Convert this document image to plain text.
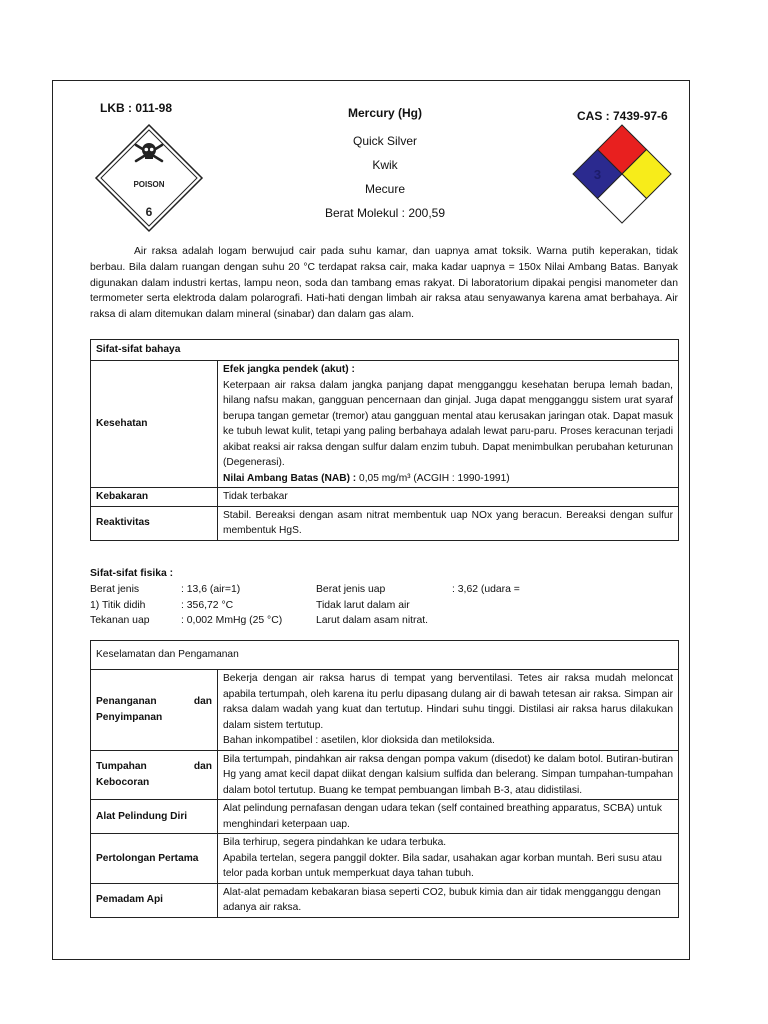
LKB : 011-98	Mercury (Hg)
Quick Silver
Kwik
Mecure
Berat Molekul : 200,59
CAS : 7439-97-6
POISON
6
3

Air raksa adalah logam berwujud cair pada suhu kamar, dan uapnya amat toksik. Warna putih keperakan, tidak berbau. Bila dalam ruangan dengan suhu 20 °C terdapat raksa cair, maka kadar uapnya = 150x Nilai Ambang Batas. Banyak digunakan dalam industri kertas, lampu neon, soda dan tambang emas rakyat. Di laboratorium dipakai pengisi manometer dan termometer serta elektroda dalam polarografi. Hati-hati dengan limbah air raksa atau senyawanya karena amat berbahaya. Air raksa di alam ditemukan dalam mineral (sinabar) dan dalam gas alam.

Sifat-sifat bahaya	
Kesehatan	Efek jangka pendek (akut) :
Keterpaan air raksa dalam jangka panjang dapat mengganggu kesehatan berupa lemah badan, hilang nafsu makan, gangguan pencernaan dan ginjal. Juga dapat mengganggu sistem urat syaraf berupa tangan gemetar (tremor) atau gangguan mental atau kerusakan jaringan otak. Dapat masuk ke tubuh lewat kulit, tetapi yang paling berbahaya adalah lewat paru-paru. Proses keracunan terjadi akibat reaksi air raksa dengan sulfur dalam enzim tubuh. Dapat menimbulkan perubahan keturunan (Degenerasi).
Nilai Ambang Batas (NAB) : 0,05 mg/m³ (ACGIH : 1990-1991)

Kebakaran	Tidak terbakar
Reaktivitas	Stabil. Bereaksi dengan asam nitrat membentuk uap NOx yang beracun. Bereaksi dengan sulfur membentuk HgS.
Sifat-sifat fisika :
Berat jenis	: 13,6 (air=1)	Berat jenis uap	: 3,62 (udara =
1) Titik didih	: 356,72 °C	Tidak larut dalam air
Tekanan uap	: 0,002 MmHg (25 °C)	Larut dalam asam nitrat.
Keselamatan dan Pengamanan	
Penanganan dan Penyimpanan	Bekerja dengan air raksa harus di tempat yang berventilasi. Tetes air raksa mudah meloncat apabila tertumpah, oleh karena itu perlu dipasang dulang air di bawah tetesan air raksa. Simpan air raksa dalam wadah yang kuat dan tertutup. Hindari suhu tinggi. Distilasi air raksa harus dilakukan dalam sistem tertutup.
Bahan inkompatibel : asetilen, klor dioksida dan metiloksida.

Tumpahan dan Kebocoran	Bila tertumpah, pindahkan air raksa dengan pompa vakum (disedot) ke dalam botol. Butiran-butiran Hg yang amat kecil dapat diikat dengan kalsium sulfida dan belerang. Simpan tumpahan-tumpahan dalam botol tertutup. Buang ke tempat pembuangan limbah B-3, atau didistilasi.
Alat Pelindung Diri	Alat pelindung pernafasan dengan udara tekan (self contained breathing apparatus, SCBA) untuk menghindari keterpaan uap.
Pertolongan Pertama	Bila terhirup, segera pindahkan ke udara terbuka.
Apabila tertelan, segera panggil dokter. Bila sadar, usahakan agar korban muntah. Beri susu atau telor pada korban untuk memperkuat daya tahan tubuh.

Pemadam Api	Alat-alat pemadam kebakaran biasa seperti CO2, bubuk kimia dan air tidak mengganggu dengan adanya air raksa.
